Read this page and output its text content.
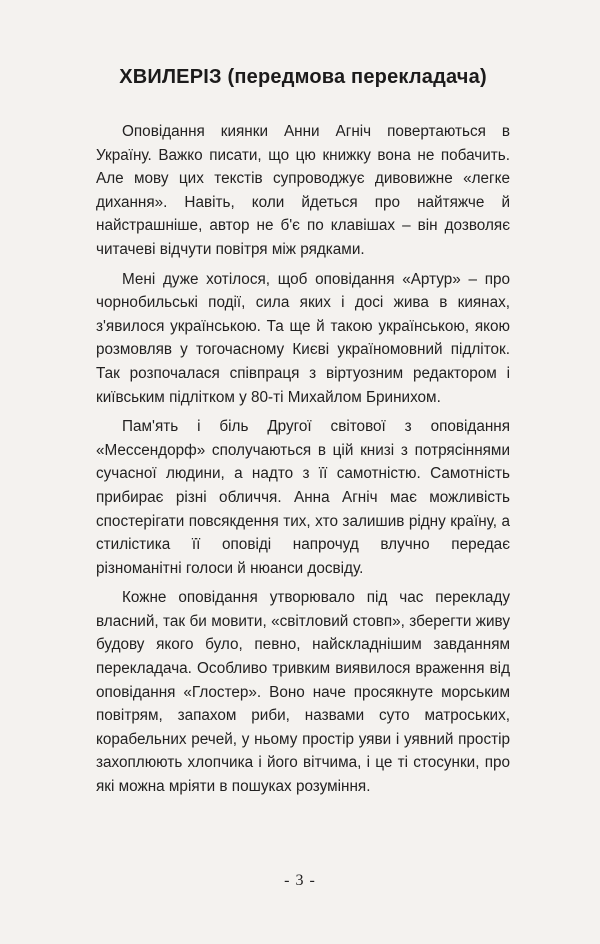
ХВИЛЕРІЗ (передмова перекладача)

Оповідання киянки Анни Агніч повертаються в Україну. Важко писати, що цю книжку вона не побачить. Але мову цих текстів супроводжує дивовижне «легке дихання». Навіть, коли йдеться про найтяжче й найстрашніше, автор не б'є по клавішах – він дозволяє читачеві відчути повітря між рядками.

Мені дуже хотілося, щоб оповідання «Артур» – про чорнобильські події, сила яких і досі жива в киянах, з'явилося українською. Та ще й такою українською, якою розмовляв у тогочасному Києві україномовний підліток. Так розпочалася співпраця з віртуозним редактором і київським підлітком у 80-ті Михайлом Бринихом.

Пам'ять і біль Другої світової з оповідання «Мессендорф» сполучаються в цій книзі з потрясіннями сучасної людини, а надто з її самотністю. Самотність прибирає різні обличчя. Анна Агніч має можливість спостерігати повсякдення тих, хто залишив рідну країну, а стилістика її оповіді напрочуд влучно передає різноманітні голоси й нюанси досвіду.

Кожне оповідання утворювало під час перекладу власний, так би мовити, «світловий стовп», зберегти живу будову якого було, певно, найскладнішим завданням перекладача. Особливо тривким виявилося враження від оповідання «Глостер». Воно наче просякнуте морським повітрям, запахом риби, назвами суто матроських, корабельних речей, у ньому простір уяви і уявний простір захоплюють хлопчика і його вітчима, і це ті стосунки, про які можна мріяти в пошуках розуміння.

- 3 -
